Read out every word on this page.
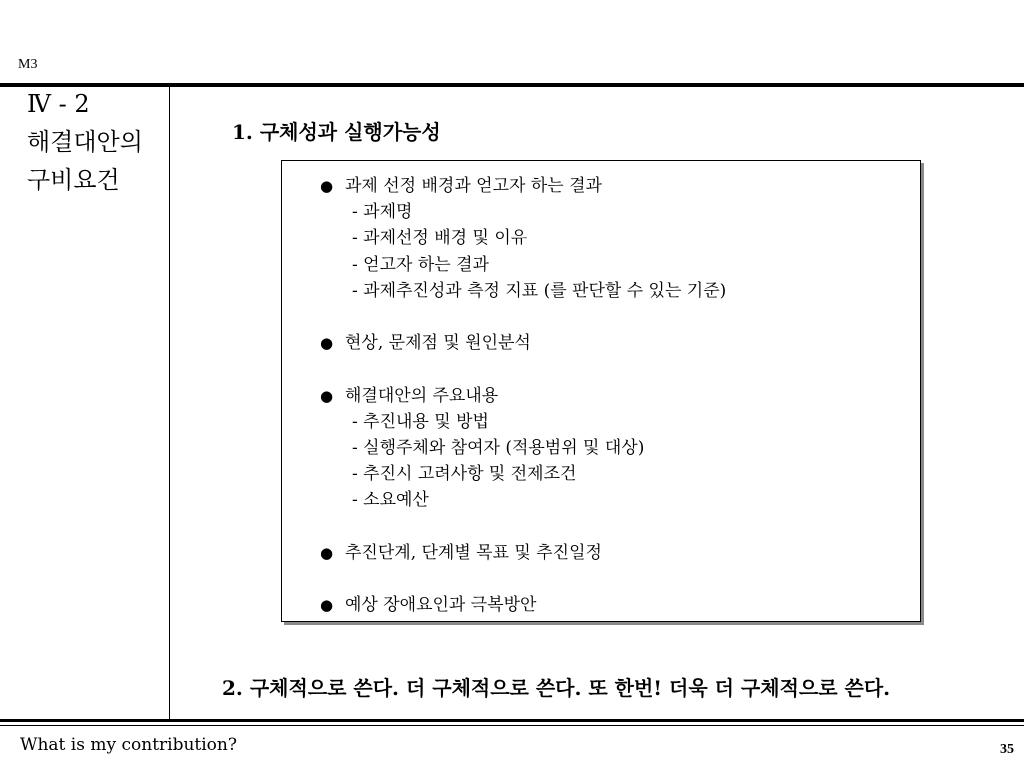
M3
Ⅳ - 2
해결대안의
구비요건
1. 구체성과 실행가능성
● 과제 선정 배경과 얻고자 하는 결과
- 과제명
- 과제선정 배경 및 이유
- 얻고자 하는 결과
- 과제추진성과 측정 지표 (를 판단할 수 있는 기준)
● 현상, 문제점 및 원인분석
● 해결대안의 주요내용
- 추진내용 및 방법
- 실행주체와 참여자 (적용범위 및 대상)
- 추진시 고려사항 및 전제조건
- 소요예산
● 추진단계, 단계별 목표 및 추진일정
● 예상 장애요인과 극복방안
2. 구체적으로 쓴다. 더 구체적으로 쓴다. 또 한번! 더욱 더 구체적으로 쓴다.
What is my contribution?	35
